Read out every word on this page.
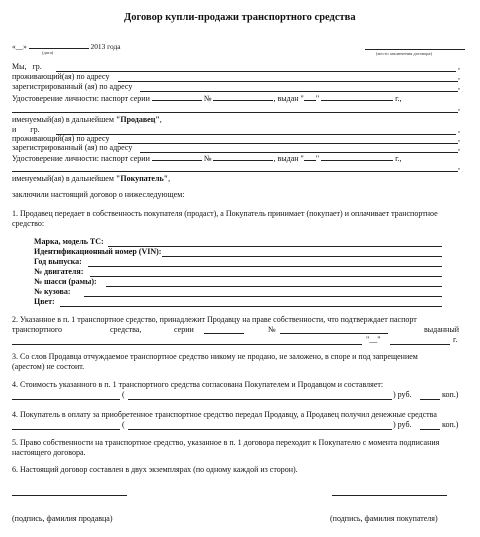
Договор купли-продажи транспортного средства
«__»	2013 года
(дата)	(место заключения договора)
Мы, гр.	,
проживающий(ая) по адресу	,
зарегистрированный (ая) по адресу	,
Удостоверение личности: паспорт серии	№	, выдан " "	г.,
,
именуемый(ая) в дальнейшем "Продавец",
и гр.	,
проживающий(ая) по адресу	,
зарегистрированный (ая) по адресу	,
Удостоверение личности: паспорт серии	№	, выдан " "	г.,
,
именуемый(ая) в дальнейшем "Покупатель",
заключили настоящий договор о нижеследующем:
1. Продавец передает в собственность покупателя (продаст), а Покупатель принимает (покупает) и оплачивает транспортное
средство:
Марка, модель ТС:
Идентификационный номер (VIN):
Год выпуска:
№ двигателя:
№ шасси (рамы):
№ кузова:
Цвет:
2. Указанное в п. 1 транспортное средство, принадлежит Продавцу на праве собственности, что подтверждает паспорт
транспортного	средства,	серии	№	выданный
"__"	г.
3. Со слов Продавца отчуждаемое транспортное средство никому не продано, не заложено, в споре и под запрещением
(арестом) не состоит.
4. Стоимость указанного в п. 1 транспортного средства согласована Покупателем и Продавцом и составляет:
(	) руб.	коп.)
4. Покупатель в оплату за приобретенное транспортное средство передал Продавцу, а Продавец получил денежные средства
(	) руб.	коп.)
5. Право собственности на транспортное средство, указанное в п. 1 договора переходит к Покупателю с момента подписания
настоящего договора.
6. Настоящий договор составлен в двух экземплярах (по одному каждой из сторон).
(подпись, фамилия продавца)	(подпись, фамилия покупателя)
